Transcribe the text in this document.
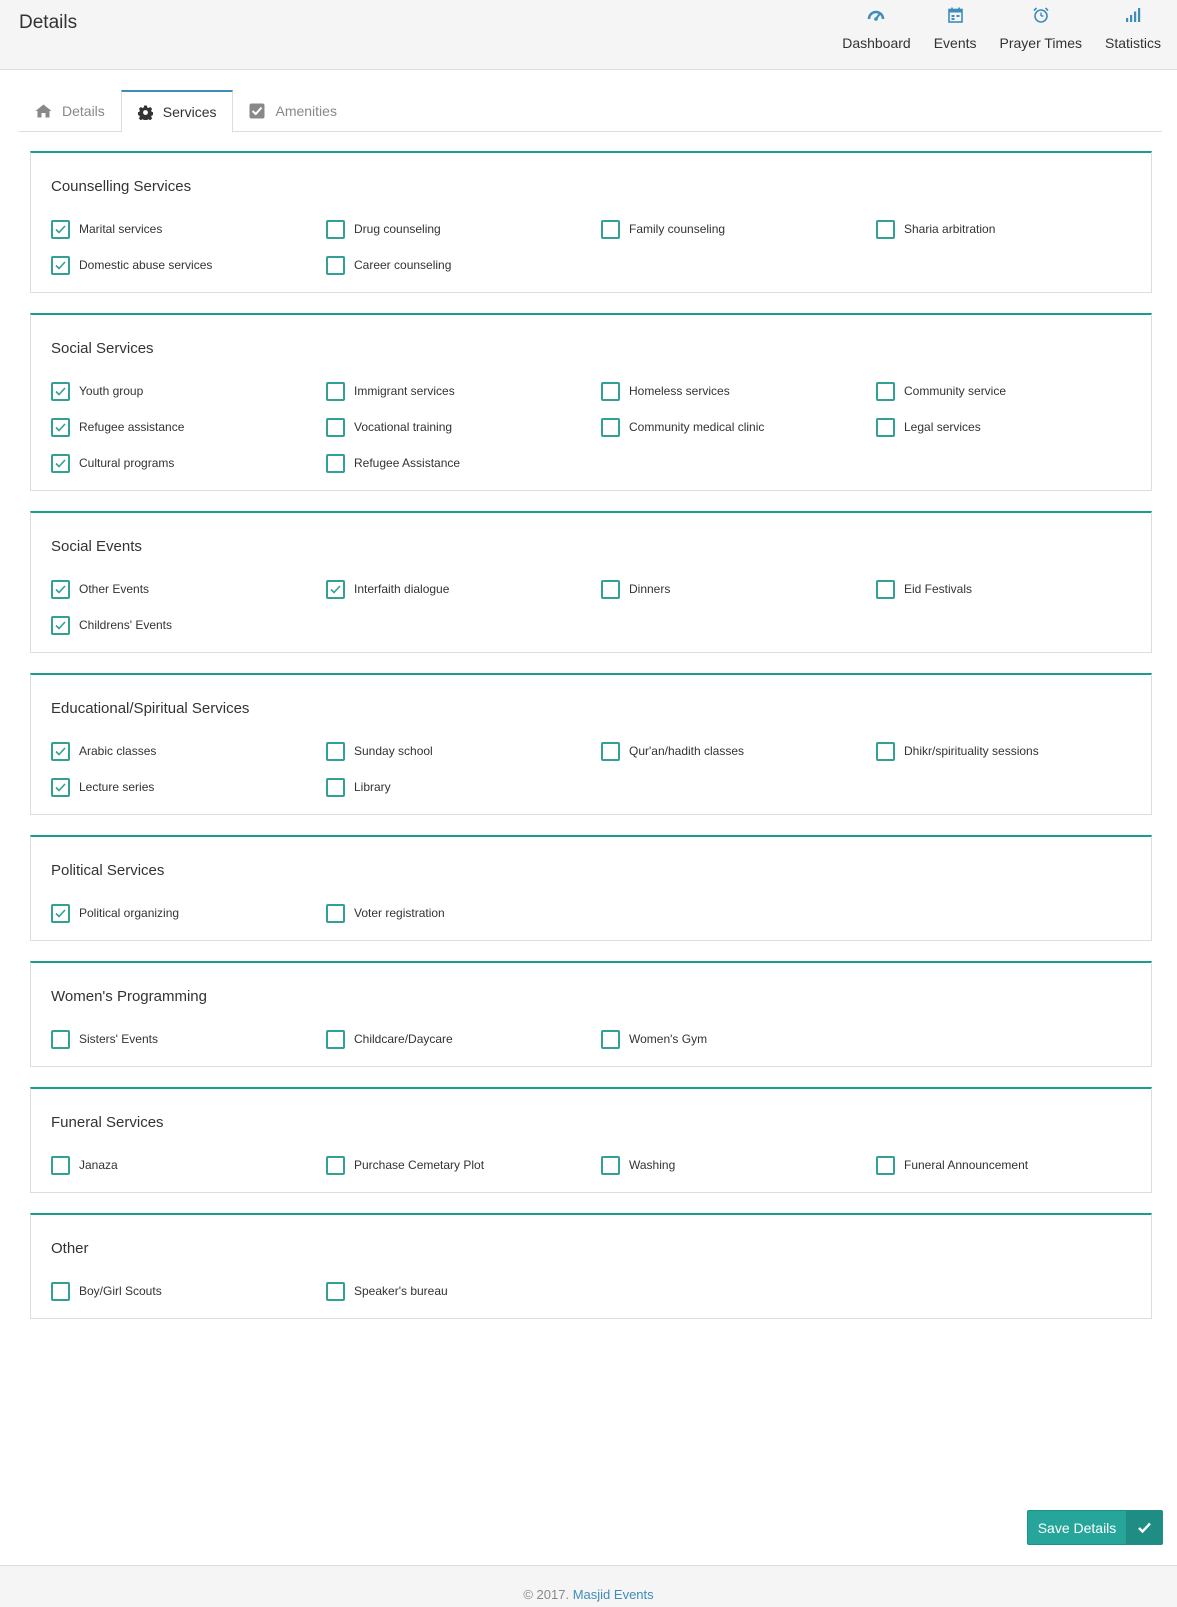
Details
Dashboard Events Prayer Times Statistics
Details	Services	Amenities
Counselling Services
Marital services	Drug counseling	Family counseling	Sharia arbitration
Domestic abuse services	Career counseling
Social Services
Youth group	Immigrant services	Homeless services	Community service
Refugee assistance	Vocational training	Community medical clinic	Legal services
Cultural programs	Refugee Assistance
Social Events
Other Events	Interfaith dialogue	Dinners	Eid Festivals
Childrens' Events
Educational/Spiritual Services
Arabic classes	Sunday school	Qur'an/hadith classes	Dhikr/spirituality sessions
Lecture series	Library
Political Services
Political organizing	Voter registration
Women's Programming
Sisters' Events	Childcare/Daycare	Women's Gym
Funeral Services
Janaza	Purchase Cemetary Plot	Washing	Funeral Announcement
Other
Boy/Girl Scouts	Speaker's bureau
Save Details
© 2017. Masjid Events
